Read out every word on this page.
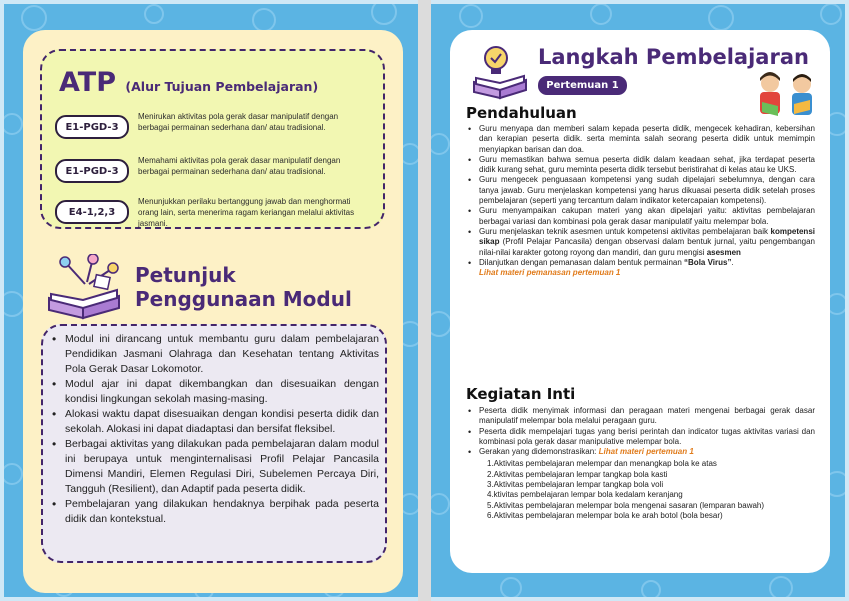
ATP (Alur Tujuan Pembelajaran)
E1-PGD-3
Menirukan aktivitas pola gerak dasar manipulatif dengan berbagai permainan sederhana dan/ atau tradisional.
E1-PGD-3
Memahami aktivitas pola gerak dasar manipulatif dengan berbagai permainan sederhana dan/ atau tradisional.
E4-1,2,3
Menunjukkan perilaku bertanggung jawab dan menghormati orang lain, serta menerima ragam keriangan melalui aktivitas jasmani.
Petunjuk
Penggunaan Modul
• Modul ini dirancang untuk membantu guru dalam pembelajaran Pendidikan Jasmani Olahraga dan Kesehatan tentang Aktivitas Pola Gerak Dasar Lokomotor.
• Modul ajar ini dapat dikembangkan dan disesuaikan dengan kondisi lingkungan sekolah masing-masing.
• Alokasi waktu dapat disesuaikan dengan kondisi peserta didik dan sekolah. Alokasi ini dapat diadaptasi dan bersifat fleksibel.
• Berbagai aktivitas yang dilakukan pada pembelajaran dalam modul ini berupaya untuk menginternalisasi Profil Pelajar Pancasila Dimensi Mandiri, Elemen Regulasi Diri, Subelemen Percaya Diri, Tangguh (Resilient), dan Adaptif pada peserta didik.
• Pembelajaran yang dilakukan hendaknya berpihak pada peserta didik dan kontekstual.
Langkah Pembelajaran
Pertemuan 1
Pendahuluan
• Guru menyapa dan memberi salam kepada peserta didik, mengecek kehadiran, kebersihan dan kerapian peserta didik. serta meminta salah seorang peserta didik untuk memimpin menyiapkan barisan dan doa.
• Guru memastikan bahwa semua peserta didik dalam keadaan sehat, jika terdapat peserta didik kurang sehat, guru meminta peserta didik tersebut beristirahat di kelas atau ke UKS.
• Guru mengecek penguasaan kompetensi yang sudah dipelajari sebelumnya, dengan cara tanya jawab. Guru menjelaskan kompetensi yang harus dikuasai peserta didik setelah proses pembelajaran (seperti yang tercantum dalam indikator ketercapaian kompetensi).
• Guru menyampaikan cakupan materi yang akan dipelajari yaitu: aktivitas pembelajaran berbagai variasi dan kombinasi pola gerak dasar manipulatif yaitu melempar bola.
• Guru menjelaskan teknik asesmen untuk kompetensi aktivitas pembelajaran baik kompetensi sikap (Profil Pelajar Pancasila) dengan observasi dalam bentuk jurnal, yaitu pengembangan nilai-nilai karakter gotong royong dan mandiri, dan guru mengisi asesmen
• Dilanjutkan dengan pemanasan dalam bentuk permainan “Bola Virus”.
Lihat materi pemanasan pertemuan 1
Kegiatan Inti
• Peserta didik menyimak informasi dan peragaan materi mengenai berbagai gerak dasar manipulatif melempar bola melalui peragaan guru.
• Peserta didik mempelajari tugas yang berisi perintah dan indicator tugas aktivitas variasi dan kombinasi pola gerak dasar manipulative melempar bola.
• Gerakan yang didemonstrasikan: Lihat materi pertemuan 1
1.Aktivitas pembelajaran melempar dan menangkap bola ke atas
2.Aktivitas pembelajaran lempar tangkap bola kasti
3.Aktivitas pembelajaran lempar tangkap bola voli
4.ktivitas pembelajaran lempar bola kedalam keranjang
5.Aktivitas pembelajaran melempar bola mengenai sasaran (lemparan bawah)
6.Aktivitas pembelajaran melempar bola ke arah botol (bola besar)
